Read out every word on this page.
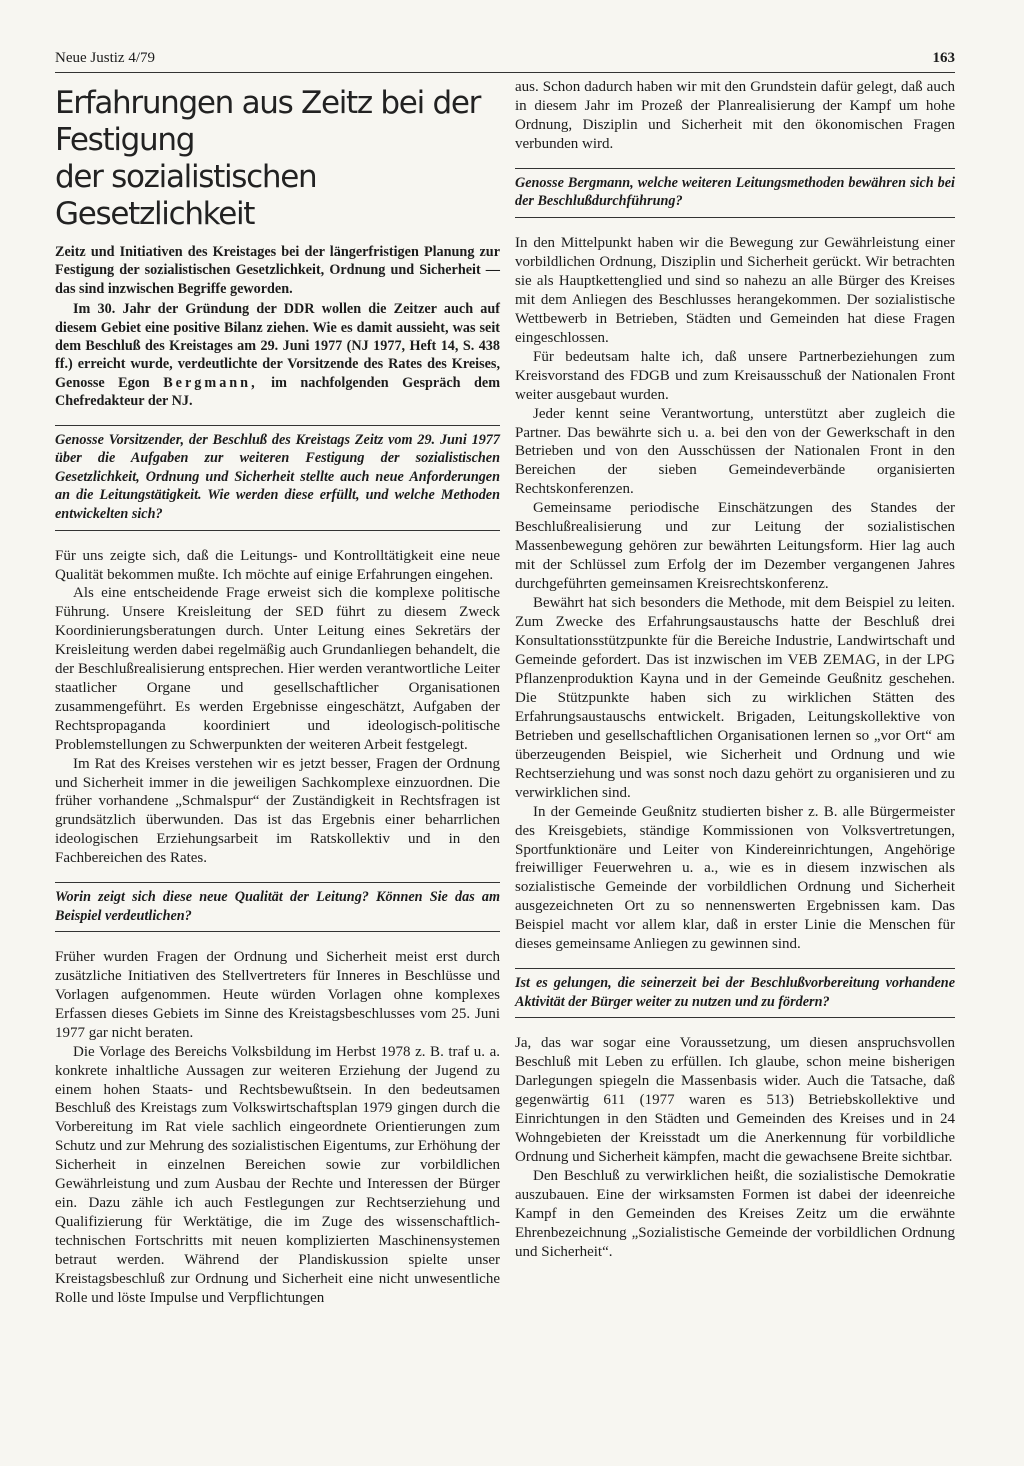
Neue Justiz 4/79	163
Erfahrungen aus Zeitz bei der Festigung
der sozialistischen Gesetzlichkeit

Zeitz und Initiativen des Kreistages bei der längerfristigen Planung zur Festigung der sozialistischen Gesetzlichkeit, Ordnung und Sicherheit — das sind inzwischen Begriffe geworden.

Im 30. Jahr der Gründung der DDR wollen die Zeitzer auch auf diesem Gebiet eine positive Bilanz ziehen. Wie es damit aussieht, was seit dem Beschluß des Kreistages am 29. Juni 1977 (NJ 1977, Heft 14, S. 438 ff.) erreicht wurde, verdeutlichte der Vorsitzende des Rates des Kreises, Genosse Egon Bergmann, im nachfolgenden Gespräch dem Chefredakteur der NJ.

Genosse Vorsitzender, der Beschluß des Kreistags Zeitz vom 29. Juni 1977 über die Aufgaben zur weiteren Festigung der sozialistischen Gesetzlichkeit, Ordnung und Sicherheit stellte auch neue Anforderungen an die Leitungstätigkeit. Wie werden diese erfüllt, und welche Methoden entwickelten sich?

Für uns zeigte sich, daß die Leitungs- und Kontrolltätigkeit eine neue Qualität bekommen mußte. Ich möchte auf einige Erfahrungen eingehen.

Als eine entscheidende Frage erweist sich die komplexe politische Führung. Unsere Kreisleitung der SED führt zu diesem Zweck Koordinierungsberatungen durch. Unter Leitung eines Sekretärs der Kreisleitung werden dabei regelmäßig auch Grundanliegen behandelt, die der Beschlußrealisierung entsprechen. Hier werden verantwortliche Leiter staatlicher Organe und gesellschaftlicher Organisationen zusammengeführt. Es werden Ergebnisse eingeschätzt, Aufgaben der Rechtspropaganda koordiniert und ideologisch-politische Problemstellungen zu Schwerpunkten der weiteren Arbeit festgelegt.

Im Rat des Kreises verstehen wir es jetzt besser, Fragen der Ordnung und Sicherheit immer in die jeweiligen Sachkomplexe einzuordnen. Die früher vorhandene „Schmalspur“ der Zuständigkeit in Rechtsfragen ist grundsätzlich überwunden. Das ist das Ergebnis einer beharrlichen ideologischen Erziehungsarbeit im Ratskollektiv und in den Fachbereichen des Rates.

Worin zeigt sich diese neue Qualität der Leitung? Können Sie das am Beispiel verdeutlichen?

Früher wurden Fragen der Ordnung und Sicherheit meist erst durch zusätzliche Initiativen des Stellvertreters für Inneres in Beschlüsse und Vorlagen aufgenommen. Heute würden Vorlagen ohne komplexes Erfassen dieses Gebiets im Sinne des Kreistagsbeschlusses vom 25. Juni 1977 gar nicht beraten.

Die Vorlage des Bereichs Volksbildung im Herbst 1978 z. B. traf u. a. konkrete inhaltliche Aussagen zur weiteren Erziehung der Jugend zu einem hohen Staats- und Rechtsbewußtsein. In den bedeutsamen Beschluß des Kreistags zum Volkswirtschaftsplan 1979 gingen durch die Vorbereitung im Rat viele sachlich eingeordnete Orientierungen zum Schutz und zur Mehrung des sozialistischen Eigentums, zur Erhöhung der Sicherheit in einzelnen Bereichen sowie zur vorbildlichen Gewährleistung und zum Ausbau der Rechte und Interessen der Bürger ein. Dazu zähle ich auch Festlegungen zur Rechtserziehung und Qualifizierung für Werktätige, die im Zuge des wissenschaftlich-technischen Fortschritts mit neuen komplizierten Maschinensystemen betraut werden. Während der Plandiskussion spielte unser Kreistagsbeschluß zur Ordnung und Sicherheit eine nicht unwesentliche Rolle und löste Impulse und Verpflichtungen

aus. Schon dadurch haben wir mit den Grundstein dafür gelegt, daß auch in diesem Jahr im Prozeß der Planrealisierung der Kampf um hohe Ordnung, Disziplin und Sicherheit mit den ökonomischen Fragen verbunden wird.

Genosse Bergmann, welche weiteren Leitungsmethoden bewähren sich bei der Beschlußdurchführung?

In den Mittelpunkt haben wir die Bewegung zur Gewährleistung einer vorbildlichen Ordnung, Disziplin und Sicherheit gerückt. Wir betrachten sie als Hauptkettenglied und sind so nahezu an alle Bürger des Kreises mit dem Anliegen des Beschlusses herangekommen. Der sozialistische Wettbewerb in Betrieben, Städten und Gemeinden hat diese Fragen eingeschlossen.

Für bedeutsam halte ich, daß unsere Partnerbeziehungen zum Kreisvorstand des FDGB und zum Kreisausschuß der Nationalen Front weiter ausgebaut wurden.

Jeder kennt seine Verantwortung, unterstützt aber zugleich die Partner. Das bewährte sich u. a. bei den von der Gewerkschaft in den Betrieben und von den Ausschüssen der Nationalen Front in den Bereichen der sieben Gemeindeverbände organisierten Rechtskonferenzen.

Gemeinsame periodische Einschätzungen des Standes der Beschlußrealisierung und zur Leitung der sozialistischen Massenbewegung gehören zur bewährten Leitungsform. Hier lag auch mit der Schlüssel zum Erfolg der im Dezember vergangenen Jahres durchgeführten gemeinsamen Kreisrechtskonferenz.

Bewährt hat sich besonders die Methode, mit dem Beispiel zu leiten. Zum Zwecke des Erfahrungsaustauschs hatte der Beschluß drei Konsultationsstützpunkte für die Bereiche Industrie, Landwirtschaft und Gemeinde gefordert. Das ist inzwischen im VEB ZEMAG, in der LPG Pflanzenproduktion Kayna und in der Gemeinde Geußnitz geschehen. Die Stützpunkte haben sich zu wirklichen Stätten des Erfahrungsaustauschs entwickelt. Brigaden, Leitungskollektive von Betrieben und gesellschaftlichen Organisationen lernen so „vor Ort“ am überzeugenden Beispiel, wie Sicherheit und Ordnung und wie Rechtserziehung und was sonst noch dazu gehört zu organisieren und zu verwirklichen sind.

In der Gemeinde Geußnitz studierten bisher z. B. alle Bürgermeister des Kreisgebiets, ständige Kommissionen von Volksvertretungen, Sportfunktionäre und Leiter von Kindereinrichtungen, Angehörige freiwilliger Feuerwehren u. a., wie es in diesem inzwischen als sozialistische Gemeinde der vorbildlichen Ordnung und Sicherheit ausgezeichneten Ort zu so nennenswerten Ergebnissen kam. Das Beispiel macht vor allem klar, daß in erster Linie die Menschen für dieses gemeinsame Anliegen zu gewinnen sind.

Ist es gelungen, die seinerzeit bei der Beschlußvorbereitung vorhandene Aktivität der Bürger weiter zu nutzen und zu fördern?

Ja, das war sogar eine Voraussetzung, um diesen anspruchsvollen Beschluß mit Leben zu erfüllen. Ich glaube, schon meine bisherigen Darlegungen spiegeln die Massenbasis wider. Auch die Tatsache, daß gegenwärtig 611 (1977 waren es 513) Betriebskollektive und Einrichtungen in den Städten und Gemeinden des Kreises und in 24 Wohngebieten der Kreisstadt um die Anerkennung für vorbildliche Ordnung und Sicherheit kämpfen, macht die gewachsene Breite sichtbar.

Den Beschluß zu verwirklichen heißt, die sozialistische Demokratie auszubauen. Eine der wirksamsten Formen ist dabei der ideenreiche Kampf in den Gemeinden des Kreises Zeitz um die erwähnte Ehrenbezeichnung „Sozialistische Gemeinde der vorbildlichen Ordnung und Sicherheit“.
